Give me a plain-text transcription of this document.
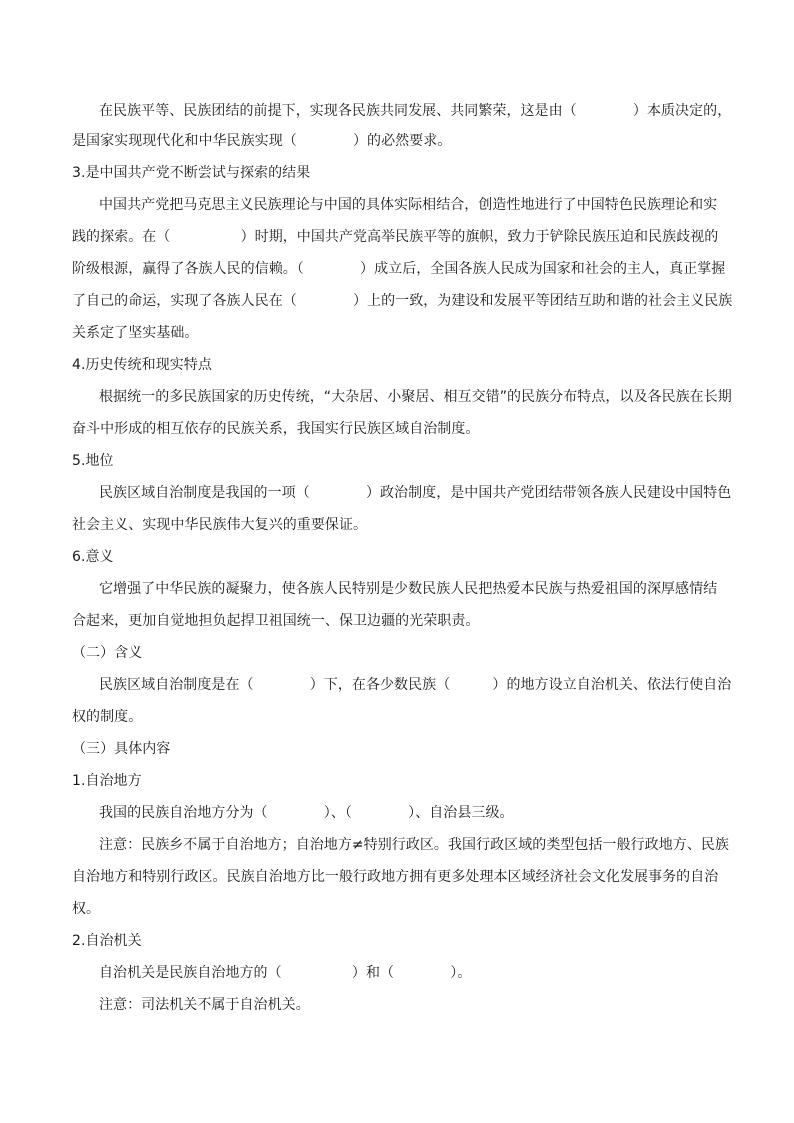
在民族平等、民族团结的前提下，实现各民族共同发展、共同繁荣，这是由（　　　　）本质决定的，
是国家实现现代化和中华民族实现（　　　　）的必然要求。
3.是中国共产党不断尝试与探索的结果
中国共产党把马克思主义民族理论与中国的具体实际相结合，创造性地进行了中国特色民族理论和实
践的探索。在（　　　　　）时期，中国共产党高举民族平等的旗帜，致力于铲除民族压迫和民族歧视的
阶级根源，赢得了各族人民的信赖。（　　　　）成立后，全国各族人民成为国家和社会的主人，真正掌握
了自己的命运，实现了各族人民在（　　　　）上的一致，为建设和发展平等团结互助和谐的社会主义民族
关系定了坚实基础。
4.历史传统和现实特点
根据统一的多民族国家的历史传统，“大杂居、小聚居、相互交错”的民族分布特点，以及各民族在长期
奋斗中形成的相互依存的民族关系，我国实行民族区域自治制度。
5.地位
民族区域自治制度是我国的一项（　　　　）政治制度，是中国共产党团结带领各族人民建设中国特色
社会主义、实现中华民族伟大复兴的重要保证。
6.意义
它增强了中华民族的凝聚力，使各族人民特别是少数民族人民把热爱本民族与热爱祖国的深厚感情结
合起来，更加自觉地担负起捍卫祖国统一、保卫边疆的光荣职责。
（二）含义
民族区域自治制度是在（　　　　）下，在各少数民族（　　　）的地方设立自治机关、依法行使自治
权的制度。
（三）具体内容
1.自治地方
我国的民族自治地方分为（　　　　）、（　　　　）、自治县三级。
注意：民族乡不属于自治地方；自治地方≠特别行政区。我国行政区域的类型包括一般行政地方、民族
自治地方和特别行政区。民族自治地方比一般行政地方拥有更多处理本区域经济社会文化发展事务的自治
权。
2.自治机关
自治机关是民族自治地方的（　　　　　）和（　　　　）。
注意：司法机关不属于自治机关。
